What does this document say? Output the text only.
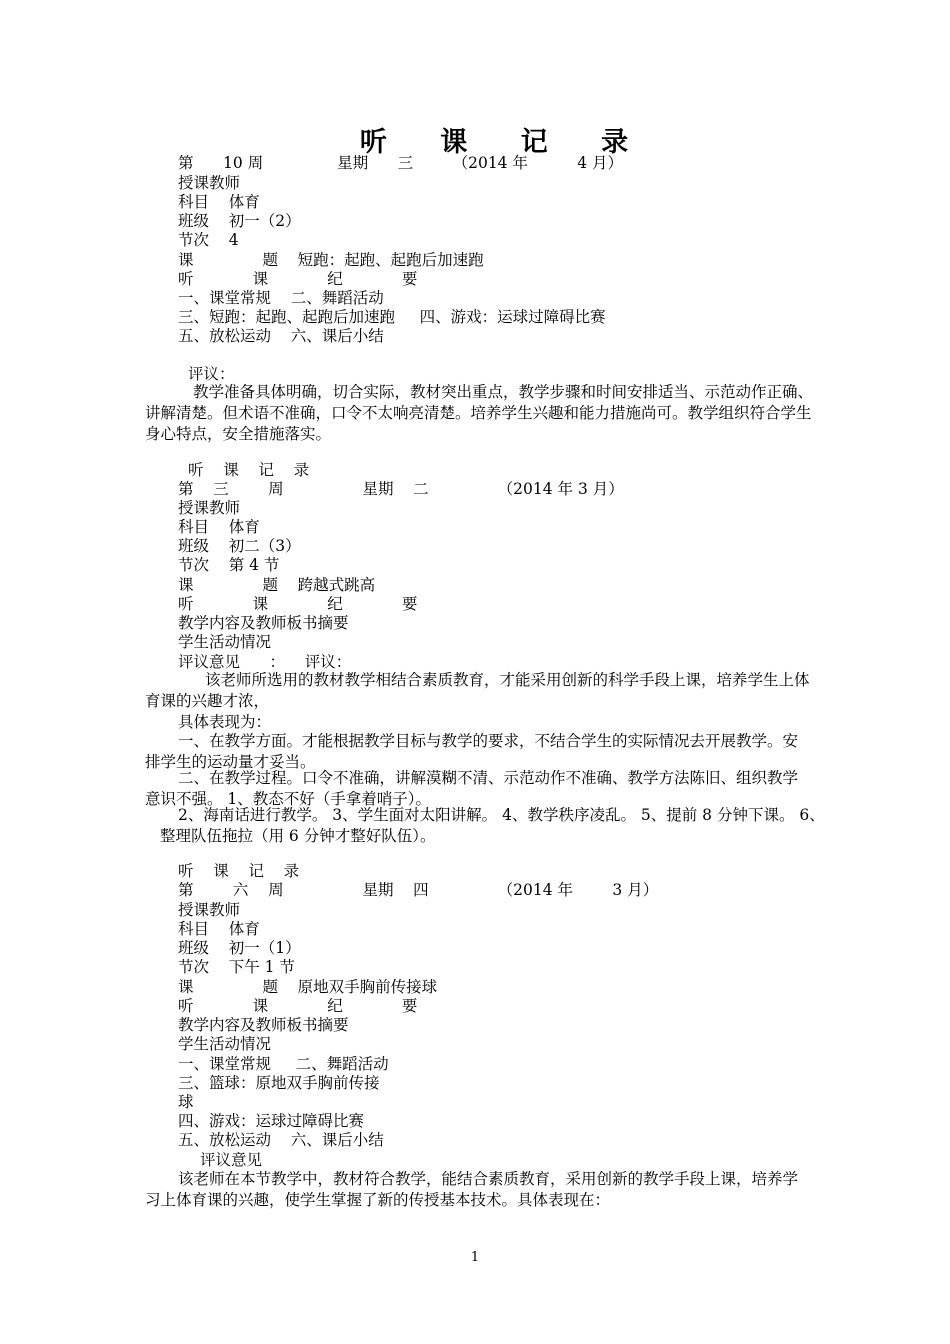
听 课 记 录
第      10 周               星期      三        （2014 年          4 月）
授课教师
科目    体育
班级    初一（2）
节次    4
课              题    短跑：起跑、起跑后加速跑
听            课            纪            要
一、课堂常规    二、舞蹈活动
三、短跑：起跑、起跑后加速跑     四、游戏：运球过障碍比赛
五、放松运动    六、课后小结
评议：
教学准备具体明确，切合实际，教材突出重点，教学步骤和时间安排适当、示范动作正确、讲解清楚。但术语不准确，口令不太响亮清楚。培养学生兴趣和能力措施尚可。教学组织符合学生身心特点，安全措施落实。
听    课    记    录
第    三        周                星期    二              （2014 年 3 月）
授课教师
科目    体育
班级    初二（3）
节次    第 4 节
课              题    跨越式跳高
听            课            纪            要
教学内容及教师板书摘要
学生活动情况
评议意见      ：    评议：
该老师所选用的教材教学相结合素质教育，才能采用创新的科学手段上课，培养学生上体育课的兴趣才浓，
具体表现为：
一、在教学方面。才能根据教学目标与教学的要求，不结合学生的实际情况去开展教学。安排学生的运动量才妥当。
二、在教学过程。口令不准确，讲解漠糊不清、示范动作不准确、教学方法陈旧、组织教学意识不强。 1、教态不好（手拿着哨子）。
2、海南话进行教学。 3、学生面对太阳讲解。 4、教学秩序凌乱。 5、提前 8 分钟下课。 6、整理队伍拖拉（用 6 分钟才整好队伍）。
听    课    记    录
第        六    周                星期    四              （2014 年        3 月）
授课教师
科目    体育
班级    初一（1）
节次    下午 1 节
课              题    原地双手胸前传接球
听            课            纪            要
教学内容及教师板书摘要
学生活动情况
一、课堂常规     二、舞蹈活动
三、篮球：原地双手胸前传接
球
四、游戏：运球过障碍比赛
五、放松运动    六、课后小结
评议意见
该老师在本节教学中，教材符合教学，能结合素质教育，采用创新的教学手段上课，培养学习上体育课的兴趣，使学生掌握了新的传授基本技术。具体表现在：
1
